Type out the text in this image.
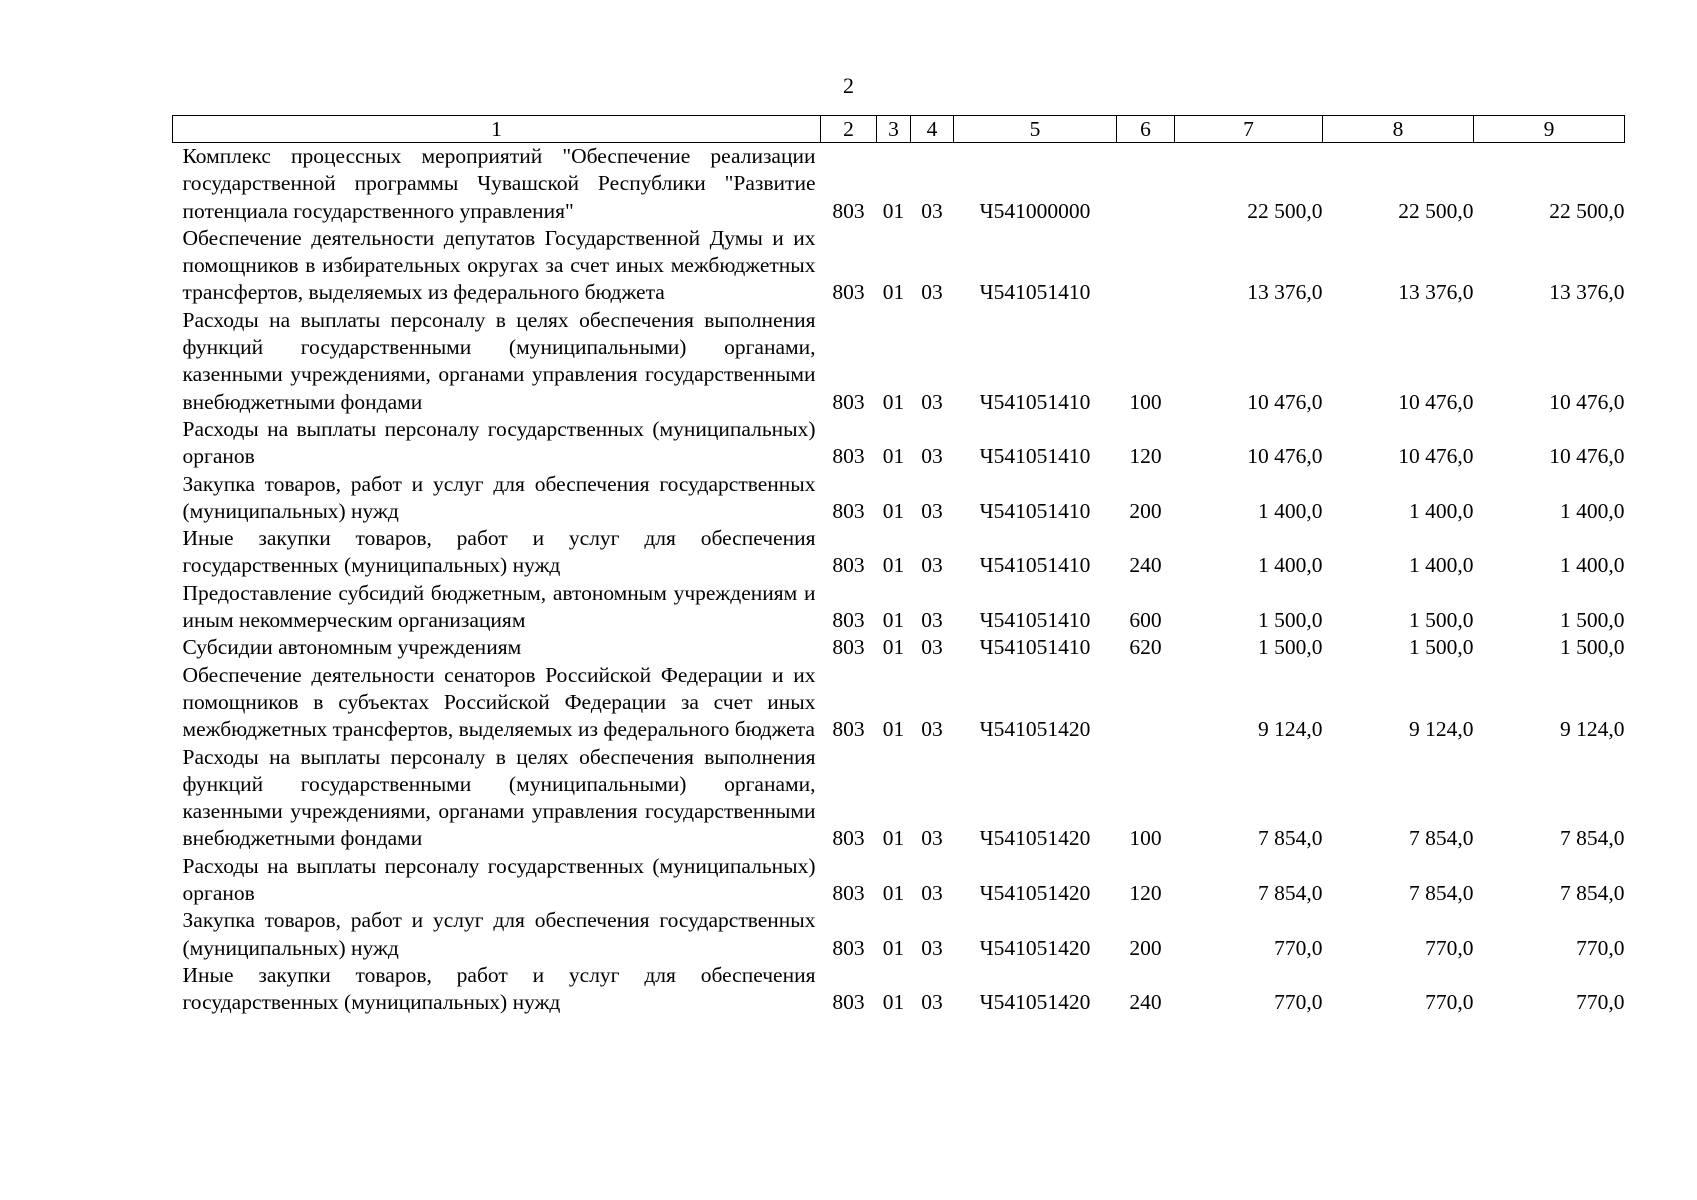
2
1	2	3	4	5	6	7	8	9
Комплекс процессных мероприятий "Обеспечение реализации государственной программы Чувашской Республики "Развитие потенциала государственного управления"	803	01	03	Ч541000000		22 500,0	22 500,0	22 500,0
Обеспечение деятельности депутатов Государственной Думы и их помощников в избирательных округах за счет иных межбюджетных трансфертов, выделяемых из федерального бюджета	803	01	03	Ч541051410		13 376,0	13 376,0	13 376,0
Расходы на выплаты персоналу в целях обеспечения выполнения функций государственными (муниципальными) органами, казенными учреждениями, органами управления государственными внебюджетными фондами	803	01	03	Ч541051410	100	10 476,0	10 476,0	10 476,0
Расходы на выплаты персоналу государственных (муниципальных) органов	803	01	03	Ч541051410	120	10 476,0	10 476,0	10 476,0
Закупка товаров, работ и услуг для обеспечения государственных (муниципальных) нужд	803	01	03	Ч541051410	200	1 400,0	1 400,0	1 400,0
Иные закупки товаров, работ и услуг для обеспечения государственных (муниципальных) нужд	803	01	03	Ч541051410	240	1 400,0	1 400,0	1 400,0
Предоставление субсидий бюджетным, автономным учреждениям и иным некоммерческим организациям	803	01	03	Ч541051410	600	1 500,0	1 500,0	1 500,0
Субсидии автономным учреждениям	803	01	03	Ч541051410	620	1 500,0	1 500,0	1 500,0
Обеспечение деятельности сенаторов Российской Федерации и их помощников в субъектах Российской Федерации за счет иных межбюджетных трансфертов, выделяемых из федерального бюджета	803	01	03	Ч541051420		9 124,0	9 124,0	9 124,0
Расходы на выплаты персоналу в целях обеспечения выполнения функций государственными (муниципальными) органами, казенными учреждениями, органами управления государственными внебюджетными фондами	803	01	03	Ч541051420	100	7 854,0	7 854,0	7 854,0
Расходы на выплаты персоналу государственных (муниципальных) органов	803	01	03	Ч541051420	120	7 854,0	7 854,0	7 854,0
Закупка товаров, работ и услуг для обеспечения государственных (муниципальных) нужд	803	01	03	Ч541051420	200	770,0	770,0	770,0
Иные закупки товаров, работ и услуг для обеспечения государственных (муниципальных) нужд	803	01	03	Ч541051420	240	770,0	770,0	770,0
